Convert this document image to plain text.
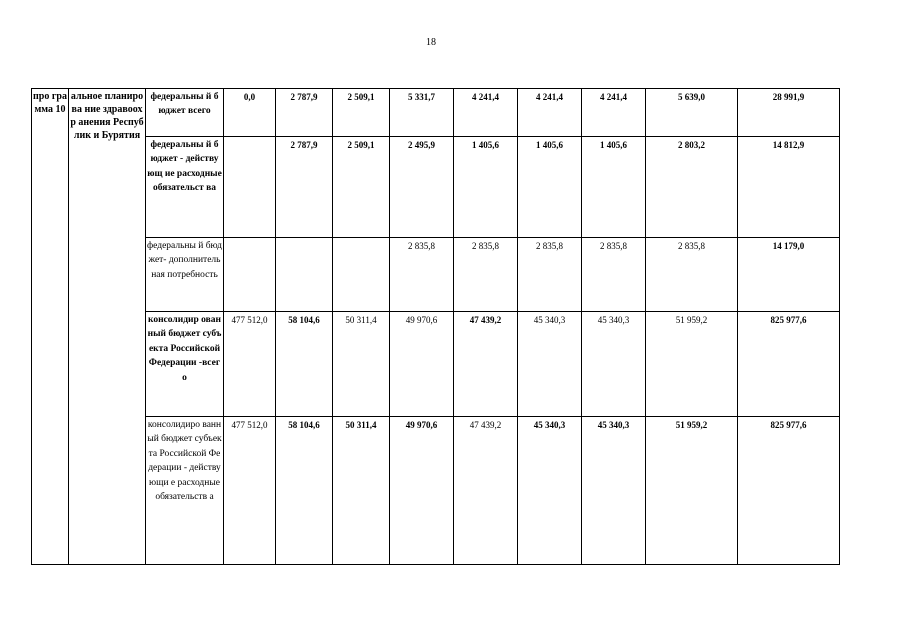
18
про гра мма 10	альное планирова ние здравоохр анения Республик и Бурятия	федеральны й бюджет всего	0,0	2 787,9	2 509,1	5 331,7	4 241,4	4 241,4	4 241,4	5 639,0	28 991,9
		федеральны й бюджет - действующ ие расходные обязательст ва		2 787,9	2 509,1	2 495,9	1 405,6	1 405,6	1 405,6	2 803,2	14 812,9
		федеральны й бюджет- дополнитель ная потребность				2 835,8	2 835,8	2 835,8	2 835,8	2 835,8	14 179,0
		консолидир ованный бюджет субъекта Российской Федерации -всего	477 512,0	58 104,6	50 311,4	49 970,6	47 439,2	45 340,3	45 340,3	51 959,2	825 977,6
		консолидиро ванный бюджет субъекта Российской Федерации - действующи е расходные обязательств а	477 512,0	58 104,6	50 311,4	49 970,6	47 439,2	45 340,3	45 340,3	51 959,2	825 977,6
